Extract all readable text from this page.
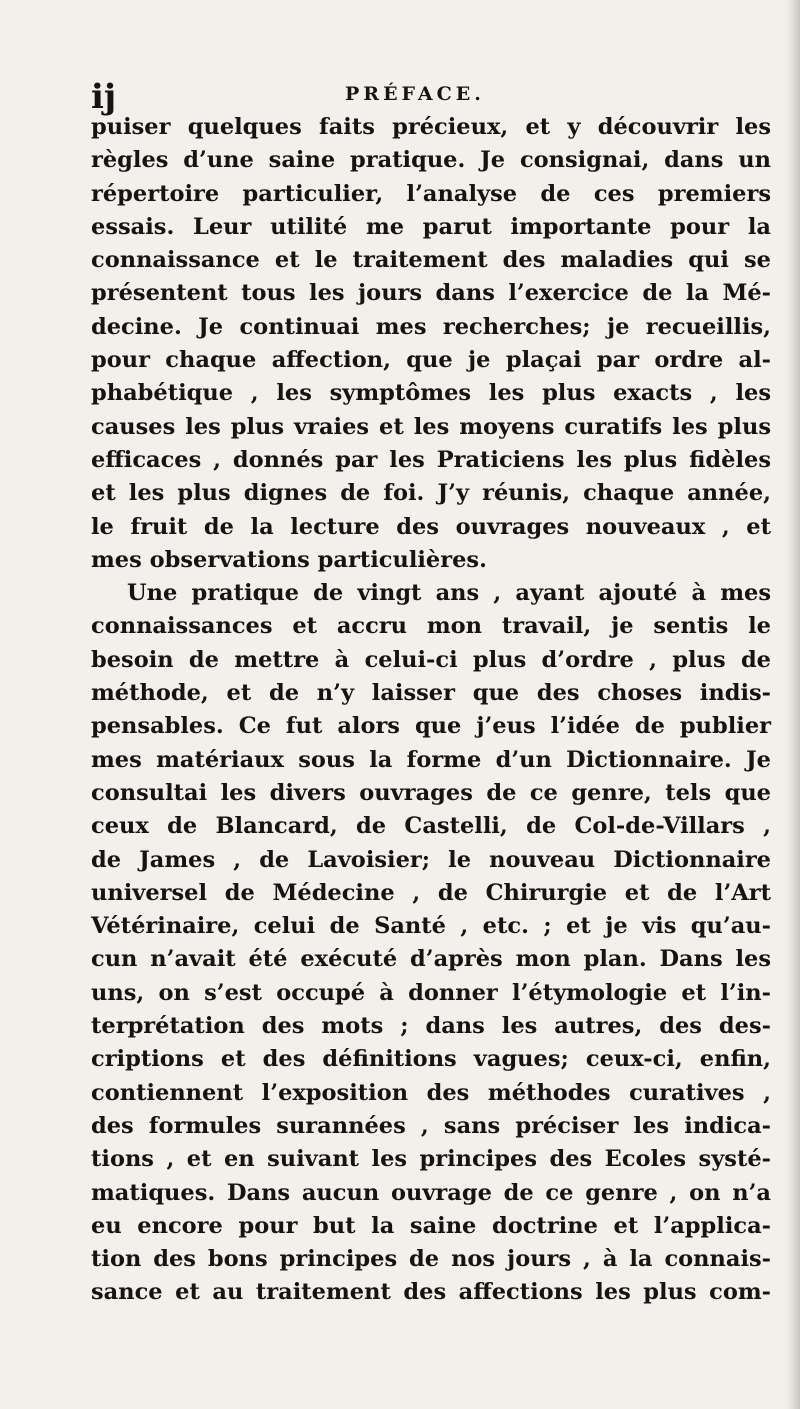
ij	PRÉFACE.
puiser quelques faits précieux, et y découvrir les
règles d’une saine pratique. Je consignai, dans un
répertoire particulier, l’analyse de ces premiers
essais. Leur utilité me parut importante pour la
connaissance et le traitement des maladies qui se
présentent tous les jours dans l’exercice de la Mé-
decine. Je continuai mes recherches; je recueillis,
pour chaque affection, que je plaçai par ordre al-
phabétique , les symptômes les plus exacts , les
causes les plus vraies et les moyens curatifs les plus
efficaces , donnés par les Praticiens les plus fidèles
et les plus dignes de foi. J’y réunis, chaque année,
le fruit de la lecture des ouvrages nouveaux , et
mes observations particulières.
Une pratique de vingt ans , ayant ajouté à mes
connaissances et accru mon travail, je sentis le
besoin de mettre à celui-ci plus d’ordre , plus de
méthode, et de n’y laisser que des choses indis-
pensables. Ce fut alors que j’eus l’idée de publier
mes matériaux sous la forme d’un Dictionnaire. Je
consultai les divers ouvrages de ce genre, tels que
ceux de Blancard, de Castelli, de Col-de-Villars ,
de James , de Lavoisier; le nouveau Dictionnaire
universel de Médecine , de Chirurgie et de l’Art
Vétérinaire, celui de Santé , etc. ; et je vis qu’au-
cun n’avait été exécuté d’après mon plan. Dans les
uns, on s’est occupé à donner l’étymologie et l’in-
terprétation des mots ; dans les autres, des des-
criptions et des définitions vagues; ceux-ci, enfin,
contiennent l’exposition des méthodes curatives ,
des formules surannées , sans préciser les indica-
tions , et en suivant les principes des Ecoles systé-
matiques. Dans aucun ouvrage de ce genre , on n’a
eu encore pour but la saine doctrine et l’applica-
tion des bons principes de nos jours , à la connais-
sance et au traitement des affections les plus com-
